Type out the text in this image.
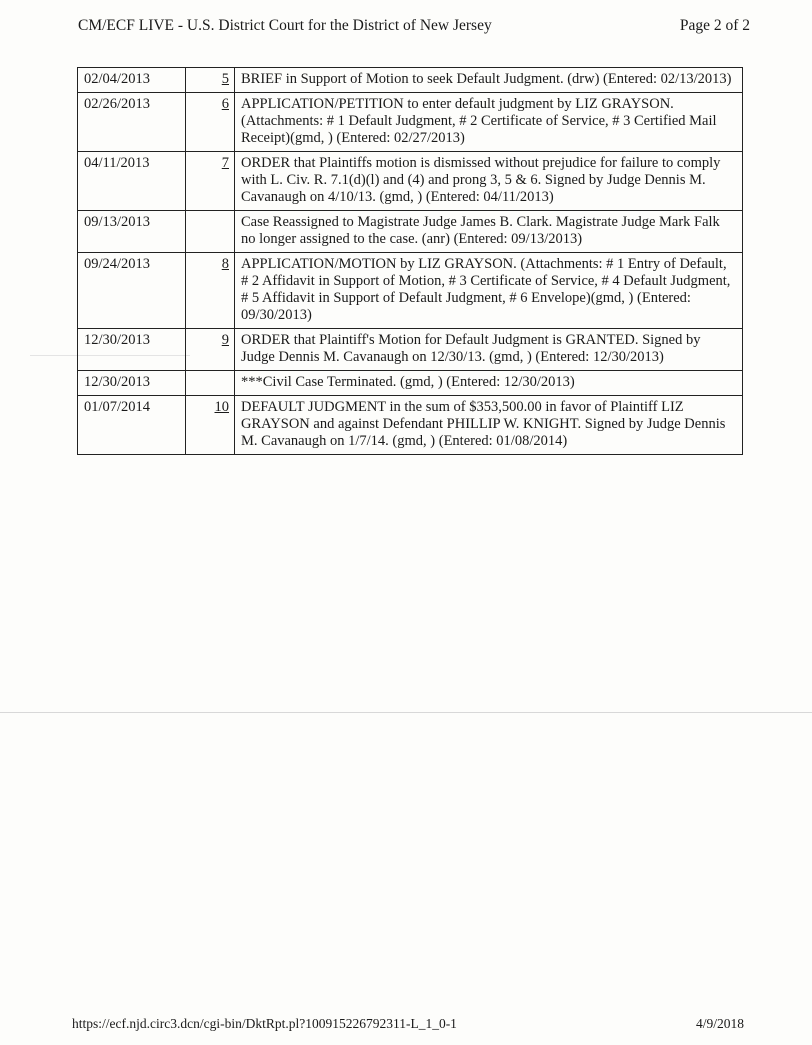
CM/ECF LIVE - U.S. District Court for the District of New Jersey	Page 2 of 2
02/04/2013	5	BRIEF in Support of Motion to seek Default Judgment. (drw) (Entered: 02/13/2013)
02/26/2013	6	APPLICATION/PETITION to enter default judgment by LIZ GRAYSON. (Attachments: # 1 Default Judgment, # 2 Certificate of Service, # 3 Certified Mail Receipt)(gmd, ) (Entered: 02/27/2013)
04/11/2013	7	ORDER that Plaintiffs motion is dismissed without prejudice for failure to comply with L. Civ. R. 7.1(d)(l) and (4) and prong 3, 5 & 6. Signed by Judge Dennis M. Cavanaugh on 4/10/13. (gmd, ) (Entered: 04/11/2013)
09/13/2013		Case Reassigned to Magistrate Judge James B. Clark. Magistrate Judge Mark Falk no longer assigned to the case. (anr) (Entered: 09/13/2013)
09/24/2013	8	APPLICATION/MOTION by LIZ GRAYSON. (Attachments: # 1 Entry of Default, # 2 Affidavit in Support of Motion, # 3 Certificate of Service, # 4 Default Judgment, # 5 Affidavit in Support of Default Judgment, # 6 Envelope)(gmd, ) (Entered: 09/30/2013)
12/30/2013	9	ORDER that Plaintiff's Motion for Default Judgment is GRANTED. Signed by Judge Dennis M. Cavanaugh on 12/30/13. (gmd, ) (Entered: 12/30/2013)
12/30/2013		***Civil Case Terminated. (gmd, ) (Entered: 12/30/2013)
01/07/2014	10	DEFAULT JUDGMENT in the sum of $353,500.00 in favor of Plaintiff LIZ GRAYSON and against Defendant PHILLIP W. KNIGHT. Signed by Judge Dennis M. Cavanaugh on 1/7/14. (gmd, ) (Entered: 01/08/2014)
https://ecf.njd.circ3.dcn/cgi-bin/DktRpt.pl?100915226792311-L_1_0-1	4/9/2018
